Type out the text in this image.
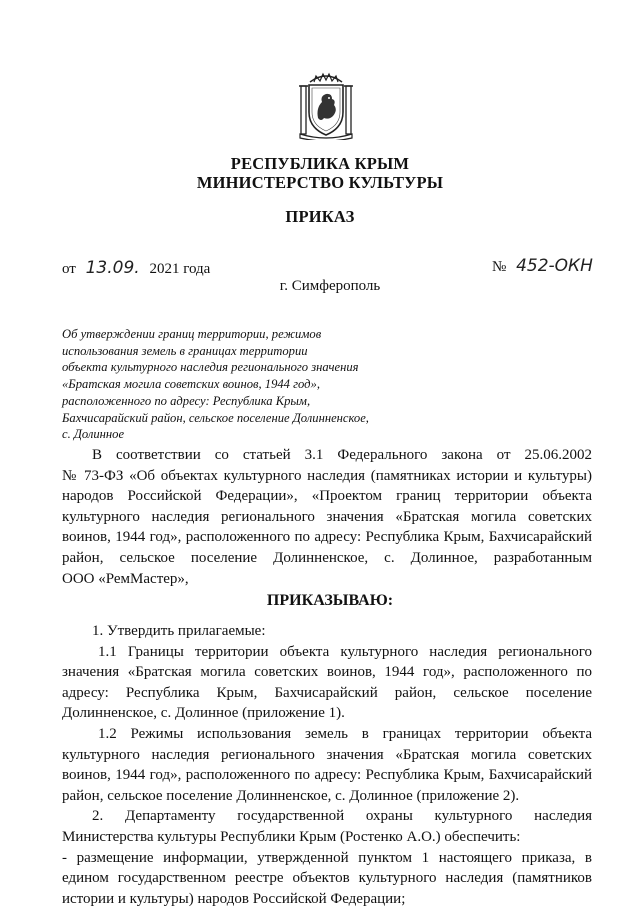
РЕСПУБЛИКА КРЫМ
МИНИСТЕРСТВО КУЛЬТУРЫ
ПРИКАЗ
от 13.09. 2021 года	№ 452-ОКН
г. Симферополь
Об утверждении границ территории, режимов
использования земель в границах территории
объекта культурного наследия регионального значения
«Братская могила советских воинов, 1944 год»,
расположенного по адресу: Республика Крым,
Бахчисарайский район, сельское поселение Долинненское,
с. Долинное
В соответствии со статьей 3.1 Федерального закона от 25.06.2002
№ 73-ФЗ «Об объектах культурного наследия (памятниках истории и культуры)
народов Российской Федерации», «Проектом границ территории объекта
культурного наследия регионального значения «Братская могила советских
воинов, 1944 год», расположенного по адресу: Республика Крым, Бахчисарайский
район, сельское поселение Долинненское, с. Долинное, разработанным
ООО «РемМастер»,
ПРИКАЗЫВАЮ:
1. Утвердить прилагаемые:
1.1 Границы территории объекта культурного наследия регионального
значения «Братская могила советских воинов, 1944 год», расположенного по
адресу: Республика Крым, Бахчисарайский район, сельское поселение
Долинненское, с. Долинное (приложение 1).
1.2 Режимы использования земель в границах территории объекта
культурного наследия регионального значения «Братская могила советских
воинов, 1944 год», расположенного по адресу: Республика Крым, Бахчисарайский
район, сельское поселение Долинненское, с. Долинное (приложение 2).
2. Департаменту государственной охраны культурного наследия
Министерства культуры Республики Крым (Ростенко А.О.) обеспечить:
- размещение информации, утвержденной пунктом 1 настоящего приказа, в
едином государственном реестре объектов культурного наследия (памятников
истории и культуры) народов Российской Федерации;
